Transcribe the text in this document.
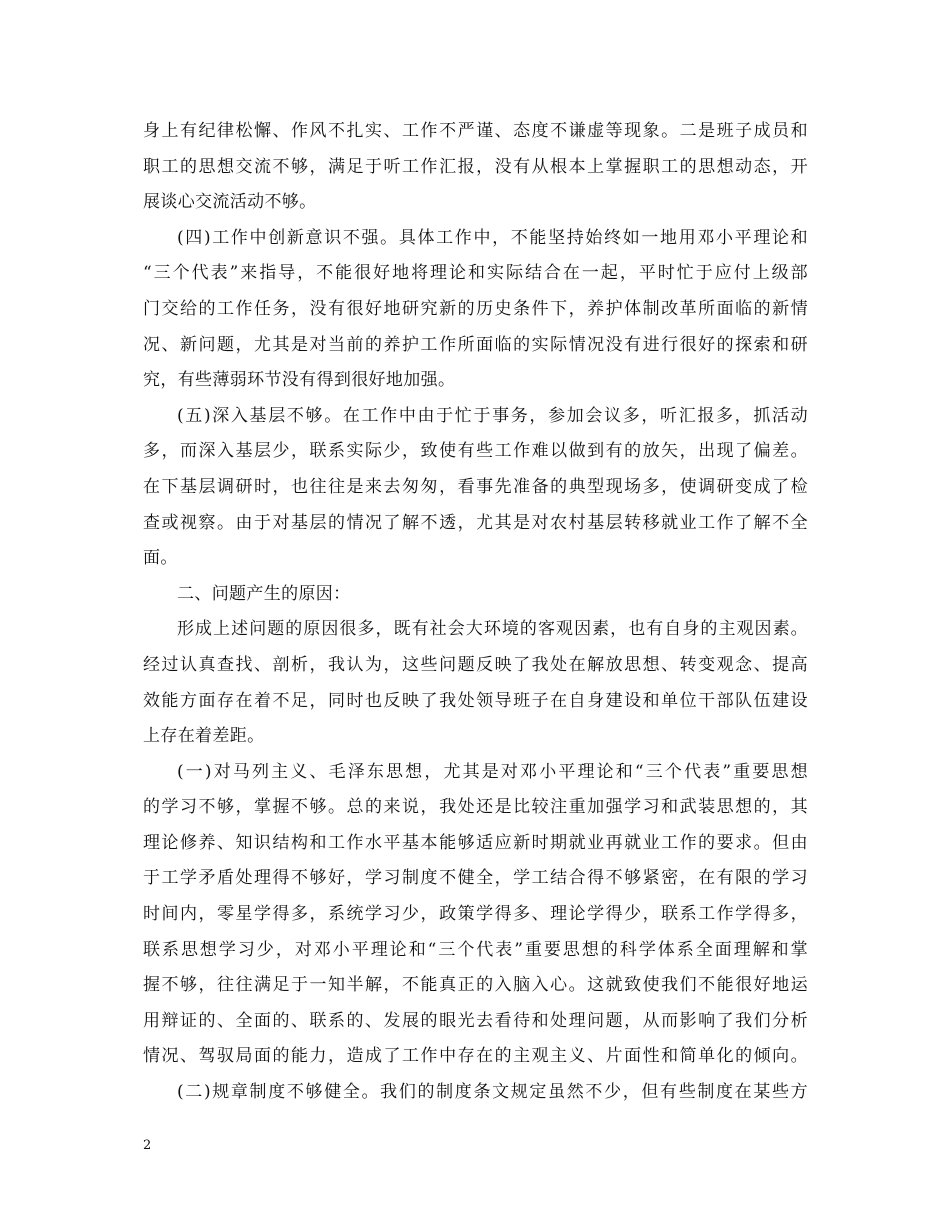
身上有纪律松懈、作风不扎实、工作不严谨、态度不谦虚等现象。二是班子成员和
职工的思想交流不够，满足于听工作汇报，没有从根本上掌握职工的思想动态，开
展谈心交流活动不够。
(四)工作中创新意识不强。具体工作中，不能坚持始终如一地用邓小平理论和
“三个代表”来指导，不能很好地将理论和实际结合在一起，平时忙于应付上级部
门交给的工作任务，没有很好地研究新的历史条件下，养护体制改革所面临的新情
况、新问题，尤其是对当前的养护工作所面临的实际情况没有进行很好的探索和研
究，有些薄弱环节没有得到很好地加强。
(五)深入基层不够。在工作中由于忙于事务，参加会议多，听汇报多，抓活动
多，而深入基层少，联系实际少，致使有些工作难以做到有的放矢，出现了偏差。
在下基层调研时，也往往是来去匆匆，看事先准备的典型现场多，使调研变成了检
查或视察。由于对基层的情况了解不透，尤其是对农村基层转移就业工作了解不全
面。
二、问题产生的原因：
形成上述问题的原因很多，既有社会大环境的客观因素，也有自身的主观因素。
经过认真查找、剖析，我认为，这些问题反映了我处在解放思想、转变观念、提高
效能方面存在着不足，同时也反映了我处领导班子在自身建设和单位干部队伍建设
上存在着差距。
(一)对马列主义、毛泽东思想，尤其是对邓小平理论和“三个代表”重要思想
的学习不够，掌握不够。总的来说，我处还是比较注重加强学习和武装思想的，其
理论修养、知识结构和工作水平基本能够适应新时期就业再就业工作的要求。但由
于工学矛盾处理得不够好，学习制度不健全，学工结合得不够紧密，在有限的学习
时间内，零星学得多，系统学习少，政策学得多、理论学得少，联系工作学得多，
联系思想学习少，对邓小平理论和“三个代表”重要思想的科学体系全面理解和掌
握不够，往往满足于一知半解，不能真正的入脑入心。这就致使我们不能很好地运
用辩证的、全面的、联系的、发展的眼光去看待和处理问题，从而影响了我们分析
情况、驾驭局面的能力，造成了工作中存在的主观主义、片面性和简单化的倾向。
(二)规章制度不够健全。我们的制度条文规定虽然不少，但有些制度在某些方
2
